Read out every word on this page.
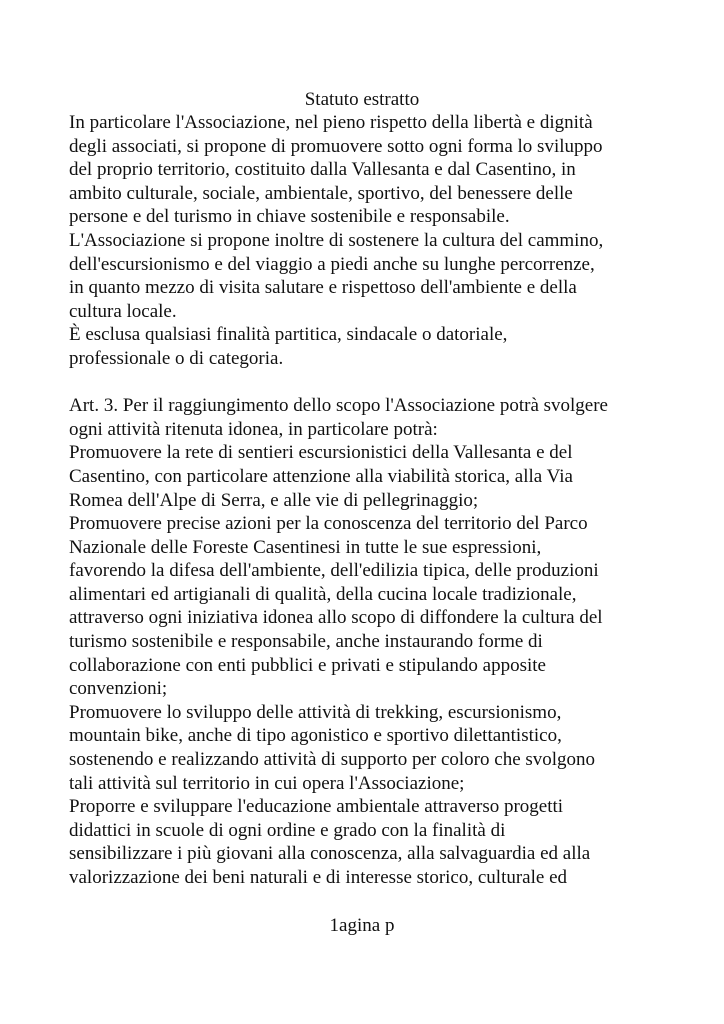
Statuto estratto
In particolare l'Associazione, nel pieno rispetto della libertà e dignità
degli associati, si propone di promuovere sotto ogni forma lo sviluppo
del proprio territorio, costituito dalla Vallesanta e dal Casentino, in
ambito culturale, sociale, ambientale, sportivo, del benessere delle
persone e del turismo in chiave sostenibile e responsabile.
L'Associazione si propone inoltre di sostenere la cultura del cammino,
dell'escursionismo e del viaggio a piedi anche su lunghe percorrenze,
in quanto mezzo di visita salutare e rispettoso dell'ambiente e della
cultura locale.
È esclusa qualsiasi finalità partitica, sindacale o datoriale,
professionale o di categoria.
Art. 3. Per il raggiungimento dello scopo l'Associazione potrà svolgere
ogni attività ritenuta idonea, in particolare potrà:
Promuovere la rete di sentieri escursionistici della Vallesanta e del
Casentino, con particolare attenzione alla viabilità storica, alla Via
Romea dell'Alpe di Serra, e alle vie di pellegrinaggio;
Promuovere precise azioni per la conoscenza del territorio del Parco
Nazionale delle Foreste Casentinesi in tutte le sue espressioni,
favorendo la difesa dell'ambiente, dell'edilizia tipica, delle produzioni
alimentari ed artigianali di qualità, della cucina locale tradizionale,
attraverso ogni iniziativa idonea allo scopo di diffondere la cultura del
turismo sostenibile e responsabile, anche instaurando forme di
collaborazione con enti pubblici e privati e stipulando apposite
convenzioni;
Promuovere lo sviluppo delle attività di trekking, escursionismo,
mountain bike, anche di tipo agonistico e sportivo dilettantistico,
sostenendo e realizzando attività di supporto per coloro che svolgono
tali attività sul territorio in cui opera l'Associazione;
Proporre e sviluppare l'educazione ambientale attraverso progetti
didattici in scuole di ogni ordine e grado con la finalità di
sensibilizzare i più giovani alla conoscenza, alla salvaguardia ed alla
valorizzazione dei beni naturali e di interesse storico, culturale ed
1agina p
